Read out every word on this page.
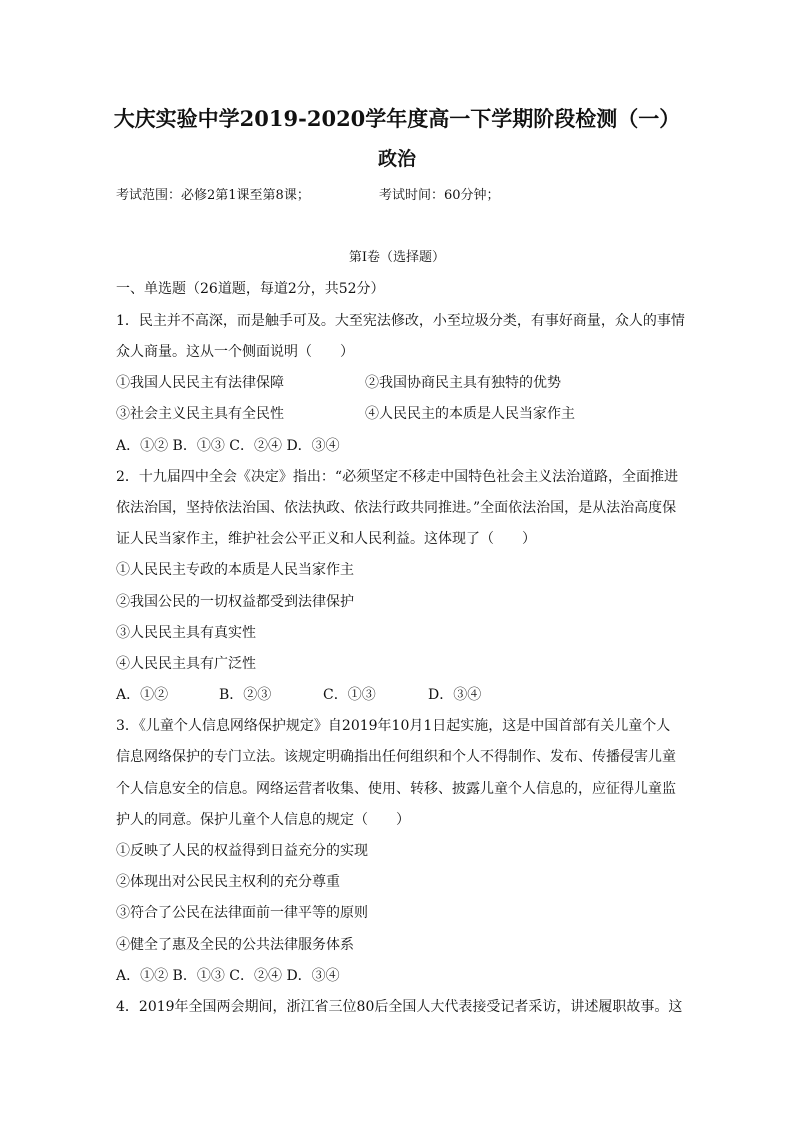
大庆实验中学2019-2020学年度高一下学期阶段检测（一）
政治
考试范围：必修2第1课至第8课；	考试时间：60分钟；
第I卷（选择题）
一、单选题（26道题，每道2分，共52分）
1．民主并不高深，而是触手可及。大至宪法修改，小至垃圾分类，有事好商量，众人的事情
众人商量。这从一个侧面说明（　　）
①我国人民民主有法律保障	②我国协商民主具有独特的优势
③社会主义民主具有全民性	④人民民主的本质是人民当家作主
A．①② B．①③ C．②④ D．③④
2．十九届四中全会《决定》指出：“必须坚定不移走中国特色社会主义法治道路，全面推进
依法治国，坚持依法治国、依法执政、依法行政共同推进。”全面依法治国，是从法治高度保
证人民当家作主，维护社会公平正义和人民利益。这体现了（　　）
①人民民主专政的本质是人民当家作主
②我国公民的一切权益都受到法律保护
③人民民主具有真实性
④人民民主具有广泛性
A．①②	B．②③	C．①③	D．③④
3．《儿童个人信息网络保护规定》自2019年10月1日起实施，这是中国首部有关儿童个人
信息网络保护的专门立法。该规定明确指出任何组织和个人不得制作、发布、传播侵害儿童
个人信息安全的信息。网络运营者收集、使用、转移、披露儿童个人信息的，应征得儿童监
护人的同意。保护儿童个人信息的规定（　　）
①反映了人民的权益得到日益充分的实现
②体现出对公民民主权利的充分尊重
③符合了公民在法律面前一律平等的原则
④健全了惠及全民的公共法律服务体系
A．①② B．①③ C．②④ D．③④
4．2019年全国两会期间，浙江省三位80后全国人大代表接受记者采访，讲述履职故事。这
